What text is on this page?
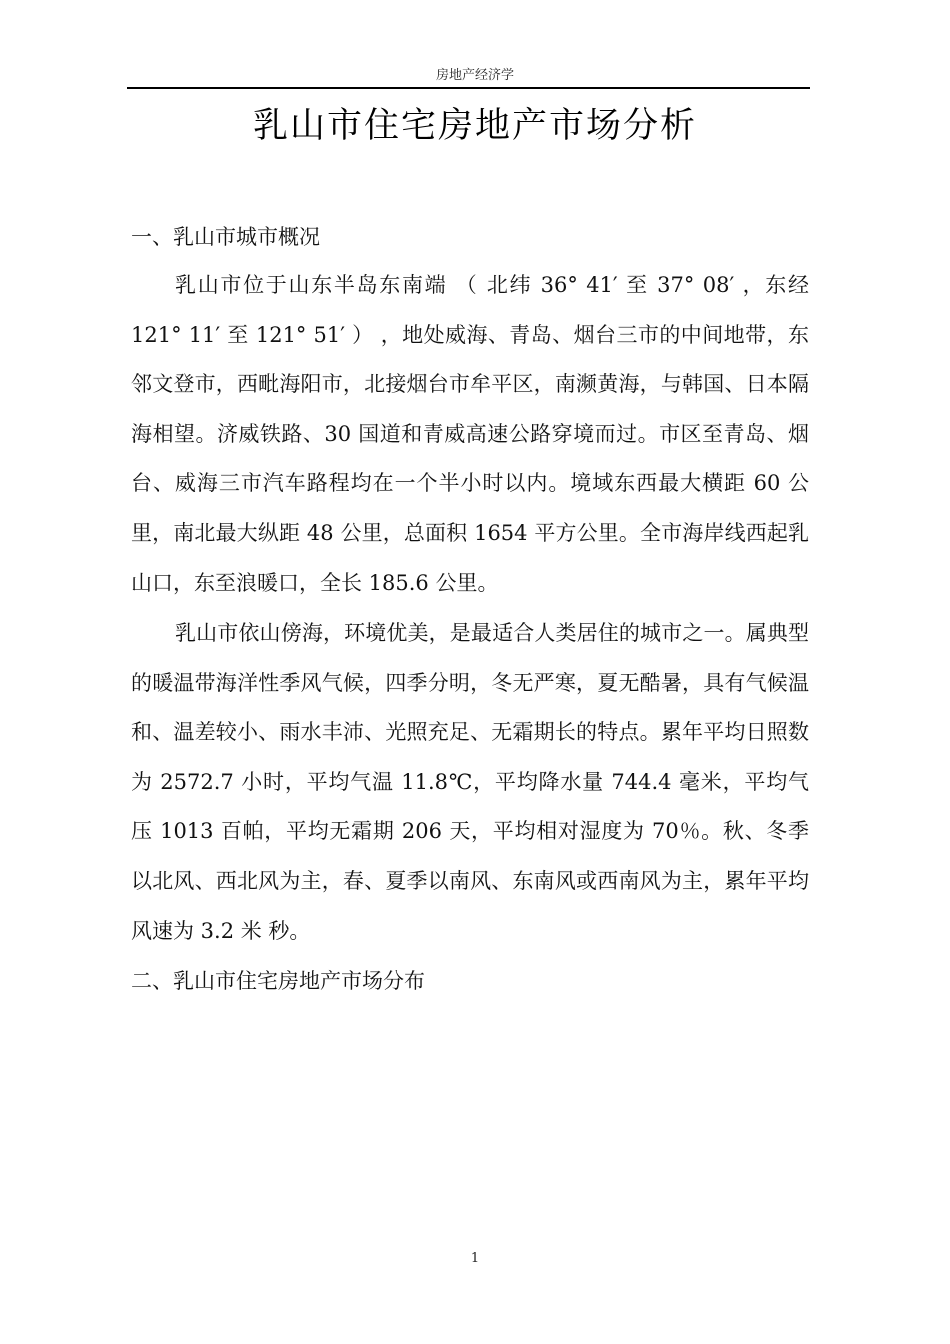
房地产经济学
乳山市住宅房地产市场分析
一、乳山市城市概况
乳山市位于山东半岛东南端 （ 北纬 36° 41′ 至 37° 08′ ，东经 121° 11′ 至 121° 51′ ） ，地处威海、青岛、烟台三市的中间地带，东邻文登市，西毗海阳市，北接烟台市牟平区，南濒黄海，与韩国、日本隔海相望。济威铁路、30 国道和青威高速公路穿境而过。市区至青岛、烟台、威海三市汽车路程均在一个半小时以内。境域东西最大横距 60 公里，南北最大纵距 48 公里，总面积 1654 平方公里。全市海岸线西起乳山口，东至浪暖口，全长 185.6 公里。
乳山市依山傍海，环境优美，是最适合人类居住的城市之一。属典型的暖温带海洋性季风气候，四季分明，冬无严寒，夏无酷暑，具有气候温和、温差较小、雨水丰沛、光照充足、无霜期长的特点。累年平均日照数为 2572.7 小时，平均气温 11.8℃，平均降水量 744.4 毫米，平均气压 1013 百帕，平均无霜期 206 天，平均相对湿度为 70％。秋、冬季以北风、西北风为主，春、夏季以南风、东南风或西南风为主，累年平均风速为 3.2 米 秒。
二、乳山市住宅房地产市场分布
1
